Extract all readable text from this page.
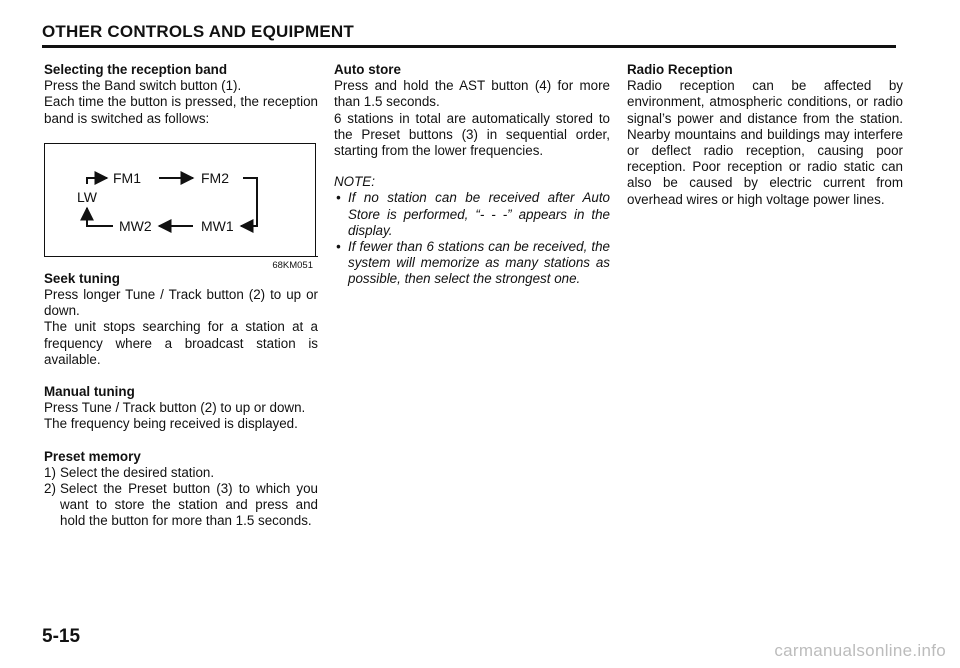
OTHER CONTROLS AND EQUIPMENT
Selecting the reception band
Press the Band switch button (1).
Each time the button is pressed, the reception band is switched as follows:
FM1	FM2
LW
MW2	MW1
68KM051
Seek tuning
Press longer Tune / Track button (2) to up or down.
The unit stops searching for a station at a frequency where a broadcast station is available.
Manual tuning
Press Tune / Track button (2) to up or down.
The frequency being received is displayed.
Preset memory
1) Select the desired station.
2) Select the Preset button (3) to which you want to store the station and press and hold the button for more than 1.5 seconds.
Auto store
Press and hold the AST button (4) for more than 1.5 seconds.
6 stations in total are automatically stored to the Preset buttons (3) in sequential order, starting from the lower frequencies.
NOTE:
• If no station can be received after Auto Store is performed, “- - -” appears in the display.
• If fewer than 6 stations can be received, the system will memorize as many stations as possible, then select the strongest one.
Radio Reception
Radio reception can be affected by environment, atmospheric conditions, or radio signal’s power and distance from the station. Nearby mountains and buildings may interfere or deflect radio reception, causing poor reception. Poor reception or radio static can also be caused by electric current from overhead wires or high voltage power lines.
5-15
carmanualsonline.info
